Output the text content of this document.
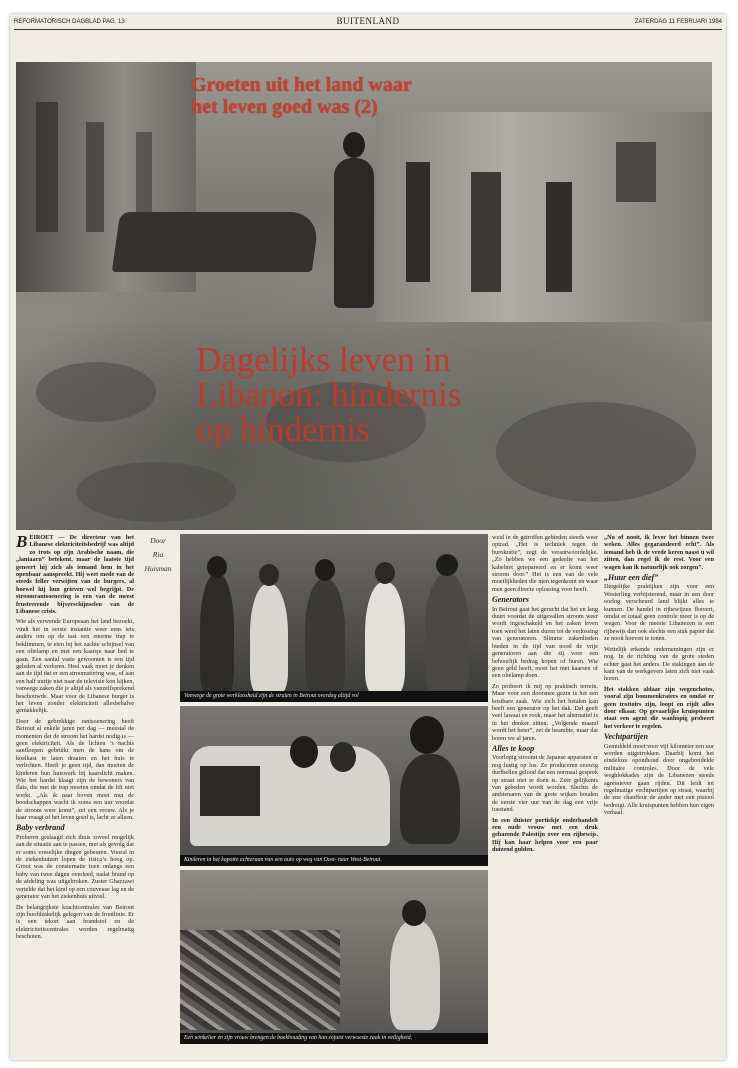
REFORMATORISCH DAGBLAD PAG. 13	BUITENLAND	ZATERDAG 11 FEBRUARI 1984
Groeten uit het land waar
het leven goed was (2)
Dagelijks leven in Libanon: hindernis op hindernis

BEIROET — De directeur van het Libanese elektriciteitsbedrijf was altijd zo trots op zijn Arabische naam, die „lantaarn” betekent, maar de laatste tijd geneert hij zich als iemand hem in het openbaar aanspreekt. Hij weet mede van de steeds feller verwijten van de burgers, al hoewel hij hun grieven wel begrijpt. De stroomrantsoenering is een van de meest frustrerende bijverschijnselen van de Libanese crisis.

Wie als verwende Europeaan het land bezoekt, vindt het in eerste instantie weer eens iets anders om op de tast een enorme trap te beklimmen, te eten bij het zachte schijnsel van een olielamp en met een kaarsje naar bed te gaan. Een aantal vaste gewoonten is een tijd geleden al verloren. Heel vaak moet je denken aan de tijd dat er een stroomstoring was, of aan een half uurtje niet naar de televisie kon kijken, vanwege zaken die je altijd als vanzelfsprekend beschouwde. Maar voor de Libanese burger is het leven zonder elektriciteit allesbehalve gemakkelijk.

Door de gebrekkige rantsoenering heeft Beirout al enkele jaren per dag — meestal de momenten dat de stroom het hardst nodig is — geen elektriciteit. Als de lichten ’s nachts aanfloepen gebruikt men de kans om de koelkast te laten draaien en het huis te verlichten. Heeft je geen tijd, dan moeten de kinderen hun huiswerk bij kaarslicht maken. Wie het hardst klaagt zijn de bewoners van flats, die met de trap moeten omdat de lift niet werkt. „Als ik naar boven moet met de boodschappen wacht ik soms een uur voordat de stroom weer komt”, zei een vrouw. Als je haar vraagt of het leven goed is, lacht ze alleen.

Baby verbrand

Proberen geslaagd zich thuis zoveel mogelijk aan de situatie aan te passen, met als gevolg dat er soms vreselijke dingen gebeuren. Vooral in de ziekenhuizen lopen de risico’s hoog op. Groot was de consternatie toen onlangs een baby van twee dagen overleed, nadat brand op de afdeling was uitgebroken. Zuster Ghazzawi vertelde dat het kind op een couveuse lag en de generator van het ziekenhuis uitviel.

De belangrijkste krachtcentrales van Beirout zijn hoofdzakelijk gelegen van de frontlinie. Er is een tekort aan brandstof en de elektriciteitscentrales worden regelmatig beschoten.

Door
Ria
Huisman
Vanwege de grote werkloosheid zijn de straten in Beirout overdag altijd vol
Kinderen in het kapotte achteraan van een auto op weg van Oost- naar West-Beirout.
Een winkelier en zijn vrouw brengen de boekhouding van hun zojuist verwoeste zaak in veiligheid.

weid in de getroffen gebieden steeds weer optrad. „Het is techniek tegen de burokratie”, zegt de verantwoordelijke. „Zo hebben we een gedeelte van het kabelnet gerepareerd en er komt weer stroom door.” Het is een van de vele moeilijkheden die men tegenkomt en waar men geen directe oplossing voor heeft.

Generators

In Beirout gaat het gerucht dat het en lang duurt voordat de uitgevallen stroom weer wordt ingeschakeld en het zaken leven toen werd het laten duren tot de verlossing van generatoren. Slimme zakenlieden bieden in de tijd van nood de vrije generatoren aan die zij voor een behoorlijk bedrag kopen of huren. Wie geen geld heeft, moet het met kaarsen of een olielamp doen.

Zo probeert ik mij op praktisch terrein. Maar voor een doorsnee gezin is het een kostbare zaak. Wie zich het betalen kan heeft een generator op het dak. Dat geeft veel lawaai en rook, maar het alternatief is in het donker zitten. „Volgende maand wordt het beter”, zei de beambte, maar dat horen we al jaren.

Alles te koop

Voorlopig stroomt de Japanse apparaten er nog lustig op los. Ze produceren eeuwig durfbellen gelood dat een normaal gesprek op straat niet te doen is. Zeer gelijkenis van gebeden wordt worden. Slechts de ambtenaren van de grote wijken houden de eerste vier uur van de dag een vrije toestand.

In een duister portiekje onderhandelt een oude vrouw met een druk gebarende Palestijn over een rijbewijs. Hij kan haar helpen voor een paar duizend gulden.

„Nu of nooit, ik lever het binnen twee weken. Alles gegarandeerd echt”. Als iemand heb ik de vrede keren naast u wil zitten, dan regel ik de rest. Voor een wagen kan ik natuurlijk ook zorgen”.

„Huur een dief”

Dergelijke praktijken zijn voor een Westerling verbijsterend, maar in een door oorlog verscheurd land blijkt alles te kunnen. De handel in rijbewijzen floreert, omdat er totaal geen controle meer is op de wegen. Voor de meeste Libanezen is een rijbewijs dan ook slechts een stuk papier dat ze nooit hoeven te tonen.

Wettelijk erkende ondernemingen zijn er nog. In de richting van de grote steden echter gaat het anders. De stakingen aan de kant van de werkgevers laten zich niet vaak horen.

Het stakken aldaar zijn wegenchotes, vooral zijn bommenkraters en omdat er geen trottoirs zijn, loopt en rijdt alles door elkaar. Op gevaarlijke kruispunten staat een agent die wanhopig probeert het verkeer te regelen.

Vechtpartijen

Gemiddeld moet voor vijf kilometer een uur worden uitgetrokken. Daarbij komt het eindeloze oponthoud door ongebreidelde militaire controles. Door de vele wegblokkades zijn de Libanezen steeds agressiever gaan rijden. Dit leidt tot regelmatige vechtpartijen op straat, waarbij de ene chauffeur de ander met een pistool bedreigt. Alle kruispunten hebben hun eigen verhaal.
